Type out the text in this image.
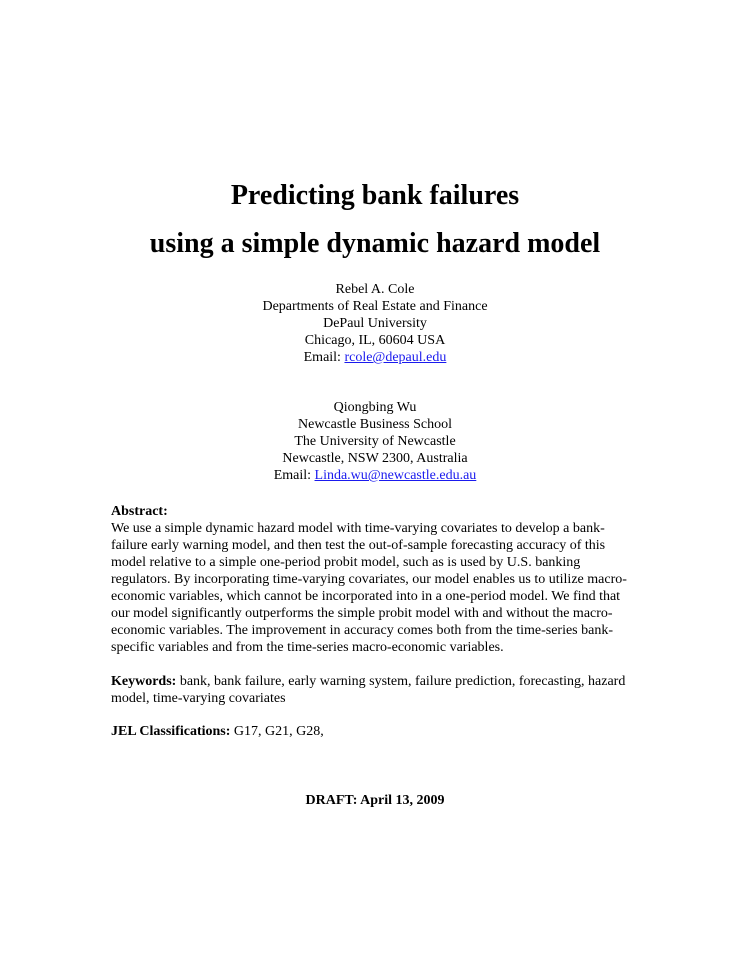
Predicting bank failures
using a simple dynamic hazard model
Rebel A. Cole
Departments of Real Estate and Finance
DePaul University
Chicago, IL, 60604 USA
Email: rcole@depaul.edu
Qiongbing Wu
Newcastle Business School
The University of Newcastle
Newcastle, NSW 2300, Australia
Email: Linda.wu@newcastle.edu.au
Abstract:
We use a simple dynamic hazard model with time-varying covariates to develop a bank-
failure early warning model, and then test the out-of-sample forecasting accuracy of this
model relative to a simple one-period probit model, such as is used by U.S. banking
regulators. By incorporating time-varying covariates, our model enables us to utilize macro-
economic variables, which cannot be incorporated into in a one-period model. We find that
our model significantly outperforms the simple probit model with and without the macro-
economic variables. The improvement in accuracy comes both from the time-series bank-
specific variables and from the time-series macro-economic variables.
Keywords: bank, bank failure, early warning system, failure prediction, forecasting, hazard
model, time-varying covariates
JEL Classifications: G17, G21, G28,
DRAFT: April 13, 2009
